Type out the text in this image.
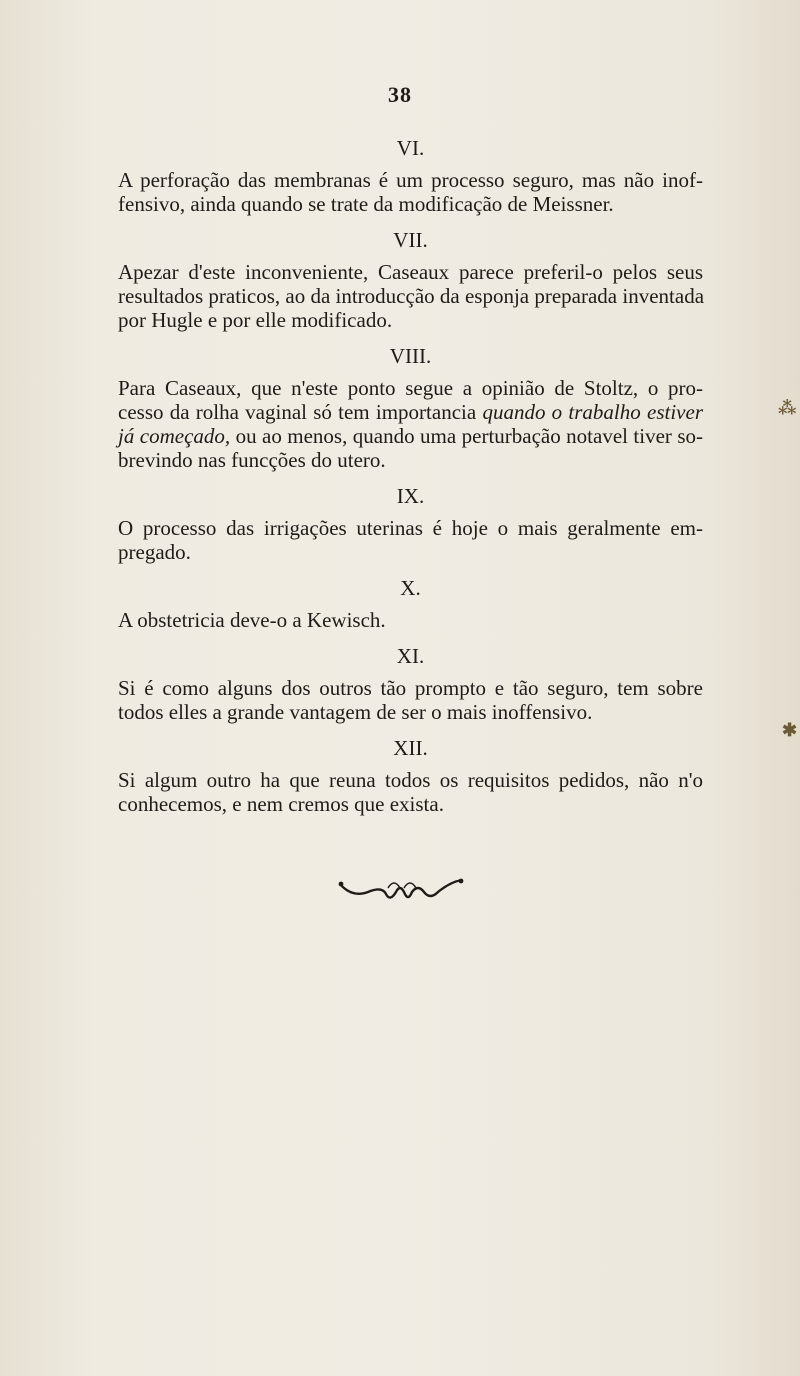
38
VI.
A perforação das membranas é um processo seguro, mas não inof-
fensivo, ainda quando se trate da modificação de Meissner.
VII.
Apezar d'este inconveniente, Caseaux parece preferil-o pelos seus
resultados praticos, ao da introducção da esponja preparada inventada
por Hugle e por elle modificado.
VIII.
Para Caseaux, que n'este ponto segue a opinião de Stoltz, o pro-
cesso da rolha vaginal só tem importancia quando o trabalho estiver
já começado, ou ao menos, quando uma perturbação notavel tiver so-
brevindo nas funcções do utero.
IX.
O processo das irrigações uterinas é hoje o mais geralmente em-
pregado.
X.
A obstetricia deve-o a Kewisch.
XI.
Si é como alguns dos outros tão prompto e tão seguro, tem sobre
todos elles a grande vantagem de ser o mais inoffensivo.
XII.
Si algum outro ha que reuna todos os requisitos pedidos, não n'o
conhecemos, e nem cremos que exista.
⁂
✱
